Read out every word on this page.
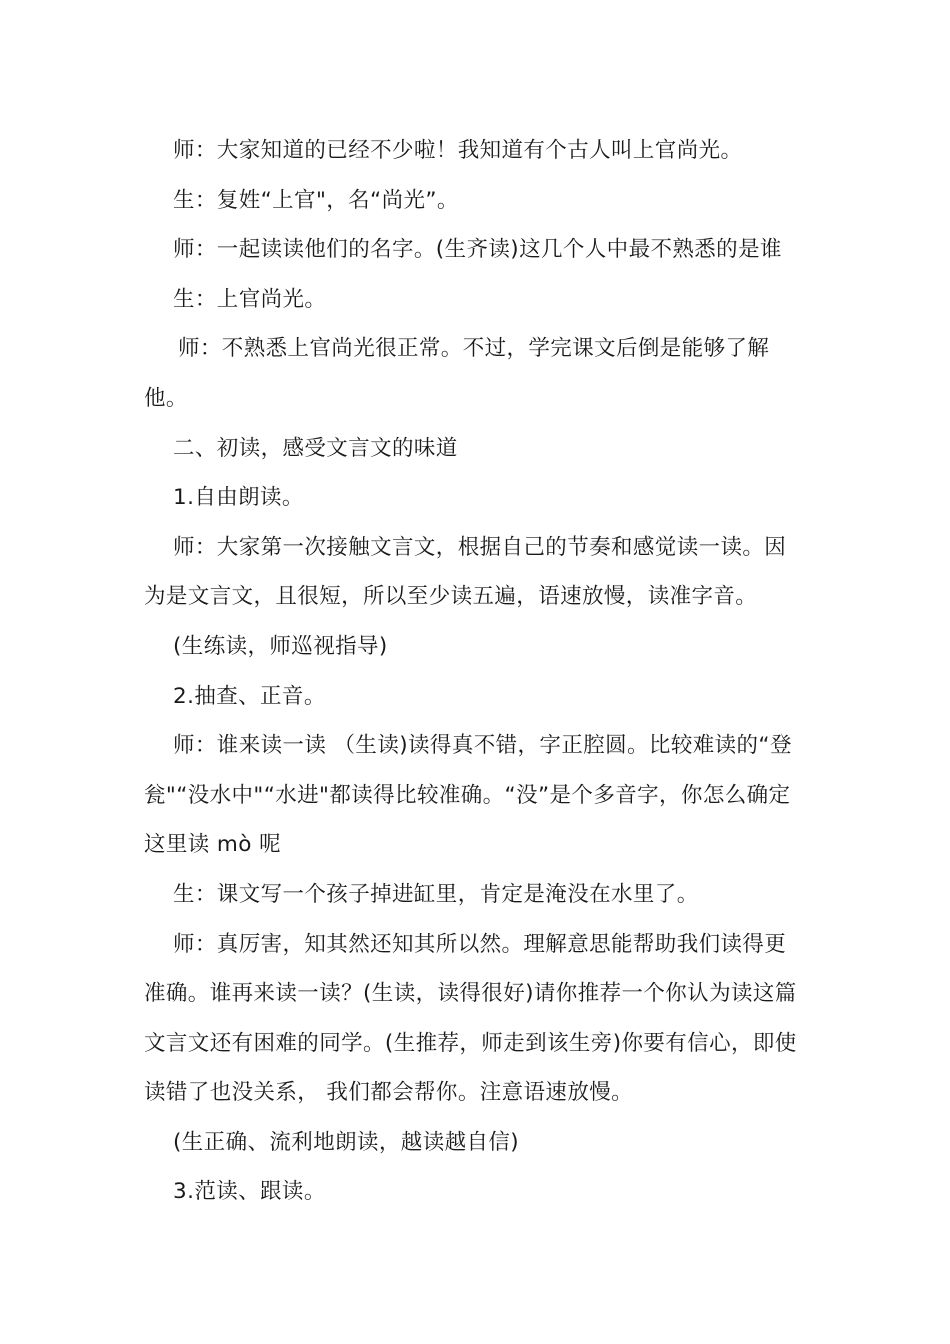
师：大家知道的已经不少啦！我知道有个古人叫上官尚光。

生：复姓“上官"，名“尚光”。

师：一起读读他们的名字。(生齐读)这几个人中最不熟悉的是谁

生：上官尚光。

师：不熟悉上官尚光很正常。不过，学完课文后倒是能够了解他。

二、初读，感受文言文的味道

1.自由朗读。

师：大家第一次接触文言文，根据自己的节奏和感觉读一读。因为是文言文，且很短，所以至少读五遍，语速放慢，读准字音。

(生练读，师巡视指导)

2.抽查、正音。

师：谁来读一读 （生读)读得真不错，字正腔圆。比较难读的“登瓮"“没水中"“水进"都读得比较准确。“没”是个多音字，你怎么确定这里读 mò 呢

生：课文写一个孩子掉进缸里，肯定是淹没在水里了。

师：真厉害，知其然还知其所以然。理解意思能帮助我们读得更准确。谁再来读一读？(生读，读得很好)请你推荐一个你认为读这篇文言文还有困难的同学。(生推荐，师走到该生旁)你要有信心，即使读错了也没关系， 我们都会帮你。注意语速放慢。

(生正确、流利地朗读，越读越自信)

3.范读、跟读。
